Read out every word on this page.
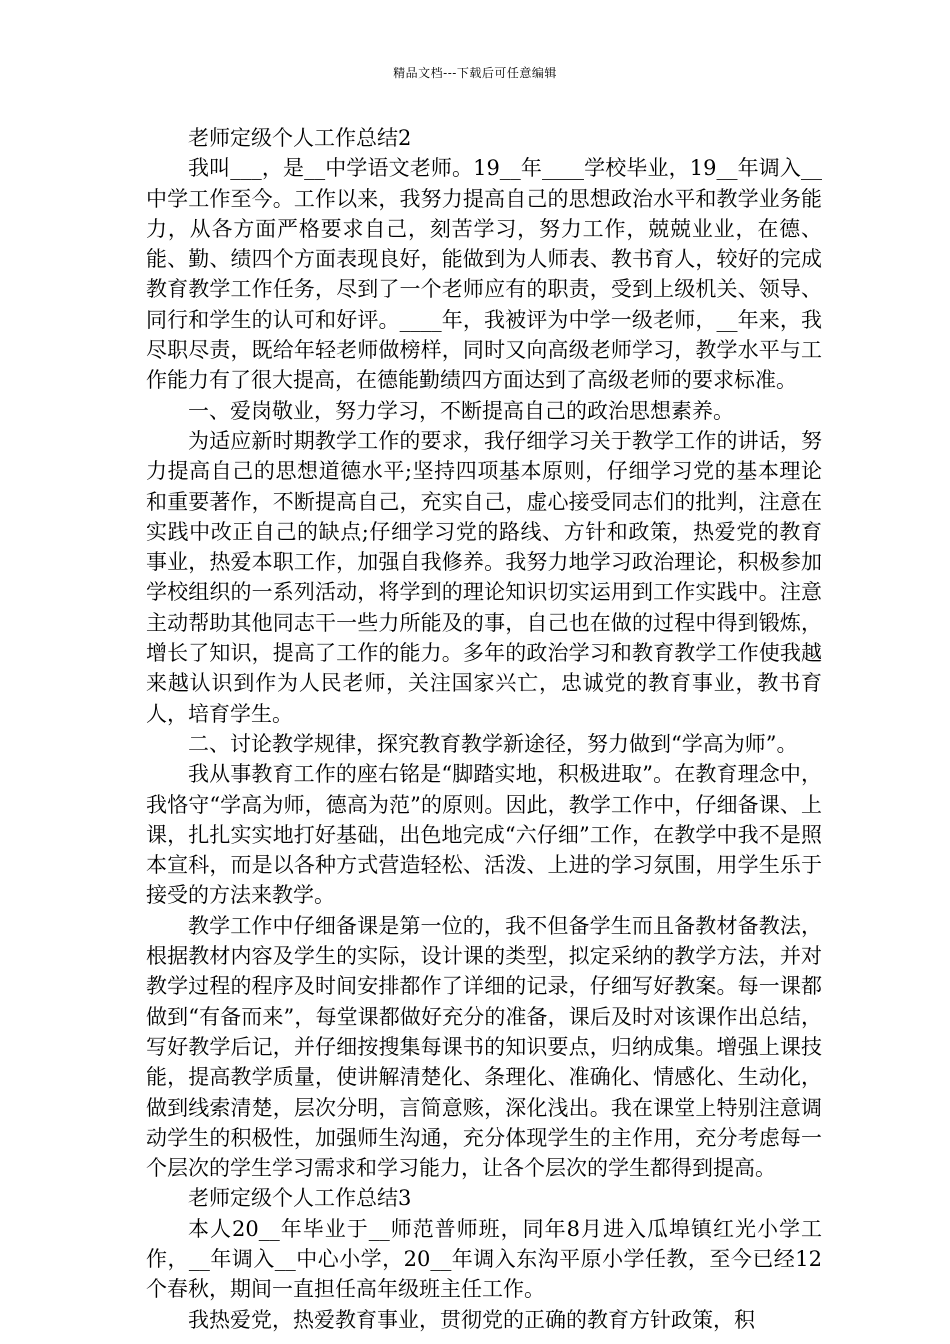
精品文档---下载后可任意编辑

老师定级个人工作总结2

我叫___，是__中学语文老师。19__年____学校毕业，19__年调入__中学工作至今。工作以来，我努力提高自己的思想政治水平和教学业务能力，从各方面严格要求自己，刻苦学习，努力工作，兢兢业业，在德、能、勤、绩四个方面表现良好，能做到为人师表、教书育人，较好的完成教育教学工作任务，尽到了一个老师应有的职责，受到上级机关、领导、同行和学生的认可和好评。____年，我被评为中学一级老师，__年来，我尽职尽责，既给年轻老师做榜样，同时又向高级老师学习，教学水平与工作能力有了很大提高，在德能勤绩四方面达到了高级老师的要求标准。

一、爱岗敬业，努力学习，不断提高自己的政治思想素养。

为适应新时期教学工作的要求，我仔细学习关于教学工作的讲话，努力提高自己的思想道德水平;坚持四项基本原则，仔细学习党的基本理论和重要著作，不断提高自己，充实自己，虚心接受同志们的批判，注意在实践中改正自己的缺点;仔细学习党的路线、方针和政策，热爱党的教育事业，热爱本职工作，加强自我修养。我努力地学习政治理论，积极参加学校组织的一系列活动，将学到的理论知识切实运用到工作实践中。注意主动帮助其他同志干一些力所能及的事，自己也在做的过程中得到锻炼，增长了知识，提高了工作的能力。多年的政治学习和教育教学工作使我越来越认识到作为人民老师，关注国家兴亡，忠诚党的教育事业，教书育人，培育学生。

二、讨论教学规律，探究教育教学新途径，努力做到“学高为师”。

我从事教育工作的座右铭是“脚踏实地，积极进取”。在教育理念中，我恪守“学高为师，德高为范”的原则。因此，教学工作中，仔细备课、上课，扎扎实实地打好基础，出色地完成“六仔细”工作，在教学中我不是照本宣科，而是以各种方式营造轻松、活泼、上进的学习氛围，用学生乐于接受的方法来教学。

教学工作中仔细备课是第一位的，我不但备学生而且备教材备教法，根据教材内容及学生的实际，设计课的类型，拟定采纳的教学方法，并对教学过程的程序及时间安排都作了详细的记录，仔细写好教案。每一课都做到“有备而来”，每堂课都做好充分的准备，课后及时对该课作出总结，写好教学后记，并仔细按搜集每课书的知识要点，归纳成集。增强上课技能，提高教学质量，使讲解清楚化、条理化、准确化、情感化、生动化，做到线索清楚，层次分明，言简意赅，深化浅出。我在课堂上特别注意调动学生的积极性，加强师生沟通，充分体现学生的主作用，充分考虑每一个层次的学生学习需求和学习能力，让各个层次的学生都得到提高。

老师定级个人工作总结3

本人20__年毕业于__师范普师班，同年8月进入瓜埠镇红光小学工作，__年调入__中心小学，20__年调入东沟平原小学任教，至今已经12个春秋，期间一直担任高年级班主任工作。

我热爱党，热爱教育事业，贯彻党的正确的教育方针政策，积
